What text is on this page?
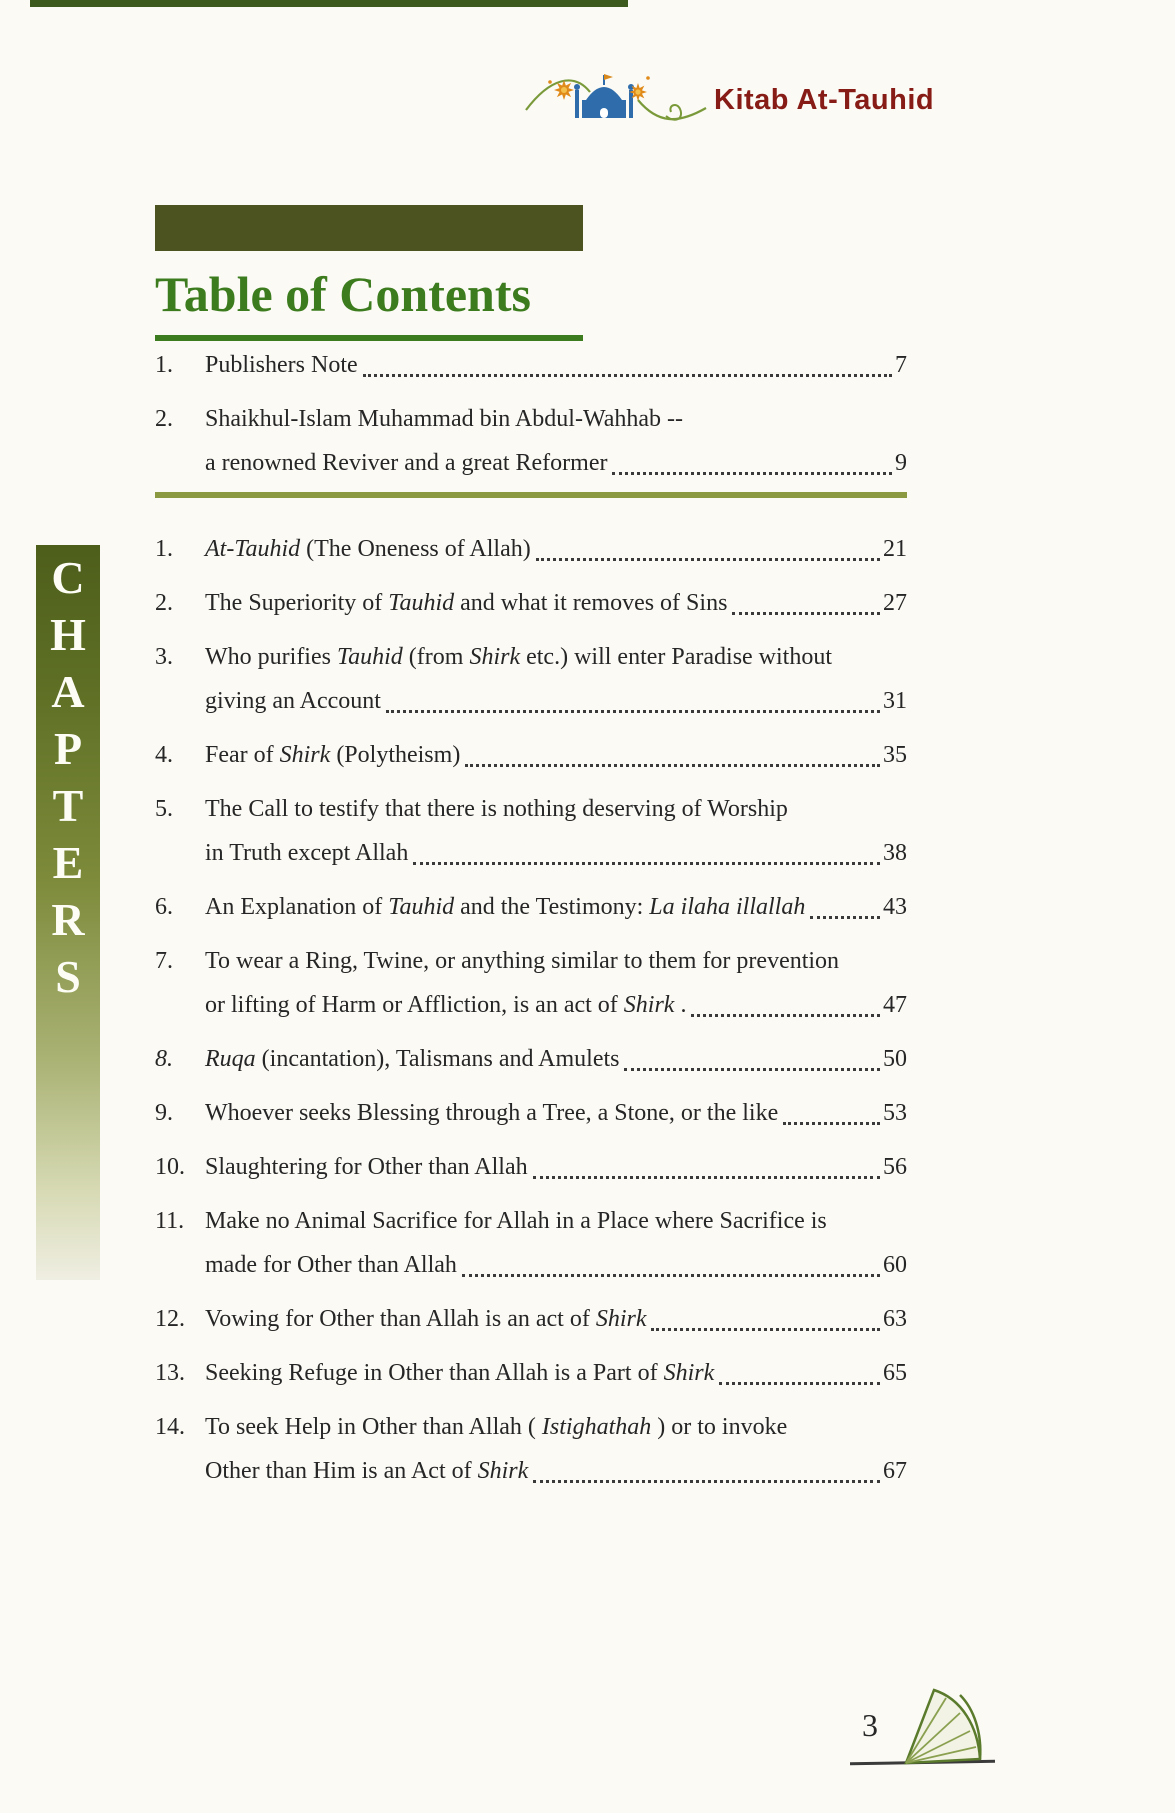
Kitab At-Tauhid
Table of Contents
1.	Publishers Note	7
2.	Shaikhul-Islam Muhammad bin Abdul-Wahhab --
a renowned Reviver and a great Reformer	9
C
H
A
P
T
E
R
S
1.	At-Tauhid (The Oneness of Allah)	21
2.	The Superiority of Tauhid and what it removes of Sins	27
3.	Who purifies Tauhid (from Shirk etc.) will enter Paradise without
giving an Account	31
4.	Fear of Shirk (Polytheism)	35
5.	The Call to testify that there is nothing deserving of Worship
in Truth except Allah	38
6.	An Explanation of Tauhid and the Testimony: La ilaha illallah	43
7.	To wear a Ring, Twine, or anything similar to them for prevention
or lifting of Harm or Affliction, is an act of Shirk .	47
8.	Ruqa (incantation), Talismans and Amulets	50
9.	Whoever seeks Blessing through a Tree, a Stone, or the like	53
10. Slaughtering for Other than Allah	56
11. Make no Animal Sacrifice for Allah in a Place where Sacrifice is
made for Other than Allah	60
12. Vowing for Other than Allah is an act of Shirk	63
13. Seeking Refuge in Other than Allah is a Part of Shirk	65
14. To seek Help in Other than Allah ( Istighathah ) or to invoke
Other than Him is an Act of Shirk	67
3
